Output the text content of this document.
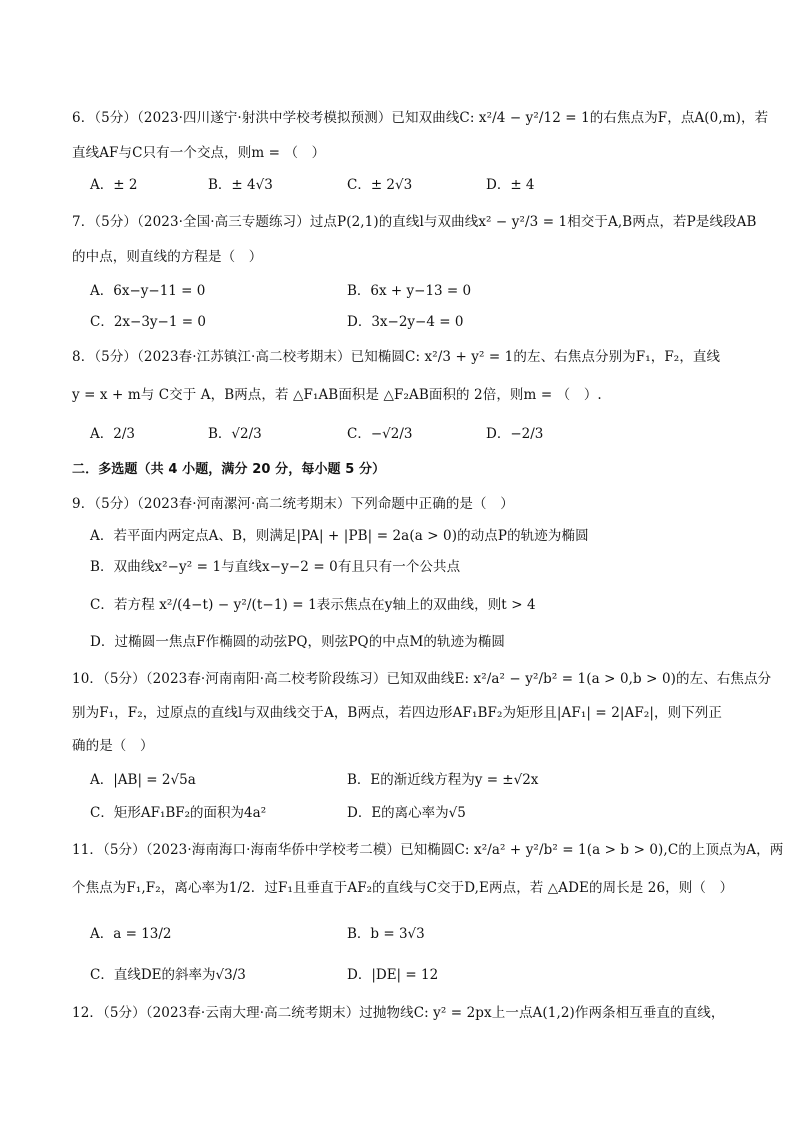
6．（5分）（2023·四川遂宁·射洪中学校考模拟预测）已知双曲线C: x²/4 − y²/12 = 1的右焦点为F，点A(0,m)，若
直线AF与C只有一个交点，则m = （　）
A．± 2	B．± 4√3	C．± 2√3	D．± 4
7．（5分）（2023·全国·高三专题练习）过点P(2,1)的直线l与双曲线x² − y²/3 = 1相交于A,B两点，若P是线段AB
的中点，则直线的方程是（　）
A．6x−y−11 = 0	B．6x + y−13 = 0
C．2x−3y−1 = 0	D．3x−2y−4 = 0
8．（5分）（2023春·江苏镇江·高二校考期末）已知椭圆C: x²/3 + y² = 1的左、右焦点分别为F₁，F₂，直线
y = x + m与 C交于 A，B两点，若 △F₁AB面积是 △F₂AB面积的 2倍，则m = （　）.
A．2/3	B．√2/3	C．−√2/3	D．−2/3
二．多选题（共 4 小题，满分 20 分，每小题 5 分）
9．（5分）（2023春·河南漯河·高二统考期末）下列命题中正确的是（　）
A．若平面内两定点A、B，则满足|PA| + |PB| = 2a(a > 0)的动点P的轨迹为椭圆
B．双曲线x²−y² = 1与直线x−y−2 = 0有且只有一个公共点
C．若方程 x²/(4−t) − y²/(t−1) = 1表示焦点在y轴上的双曲线，则t > 4
D．过椭圆一焦点F作椭圆的动弦PQ，则弦PQ的中点M的轨迹为椭圆
10．（5分）（2023春·河南南阳·高二校考阶段练习）已知双曲线E: x²/a² − y²/b² = 1(a > 0,b > 0)的左、右焦点分
别为F₁，F₂，过原点的直线l与双曲线交于A，B两点，若四边形AF₁BF₂为矩形且|AF₁| = 2|AF₂|，则下列正
确的是（　）
A．|AB| = 2√5a	B．E的渐近线方程为y = ±√2x
C．矩形AF₁BF₂的面积为4a²	D．E的离心率为√5
11．（5分）（2023·海南海口·海南华侨中学校考二模）已知椭圆C: x²/a² + y²/b² = 1(a > b > 0),C的上顶点为A，两
个焦点为F₁,F₂，离心率为1/2．过F₁且垂直于AF₂的直线与C交于D,E两点，若 △ADE的周长是 26，则（　）
A．a = 13/2	B．b = 3√3
C．直线DE的斜率为√3/3	D．|DE| = 12
12．（5分）（2023春·云南大理·高二统考期末）过抛物线C: y² = 2px上一点A(1,2)作两条相互垂直的直线，
